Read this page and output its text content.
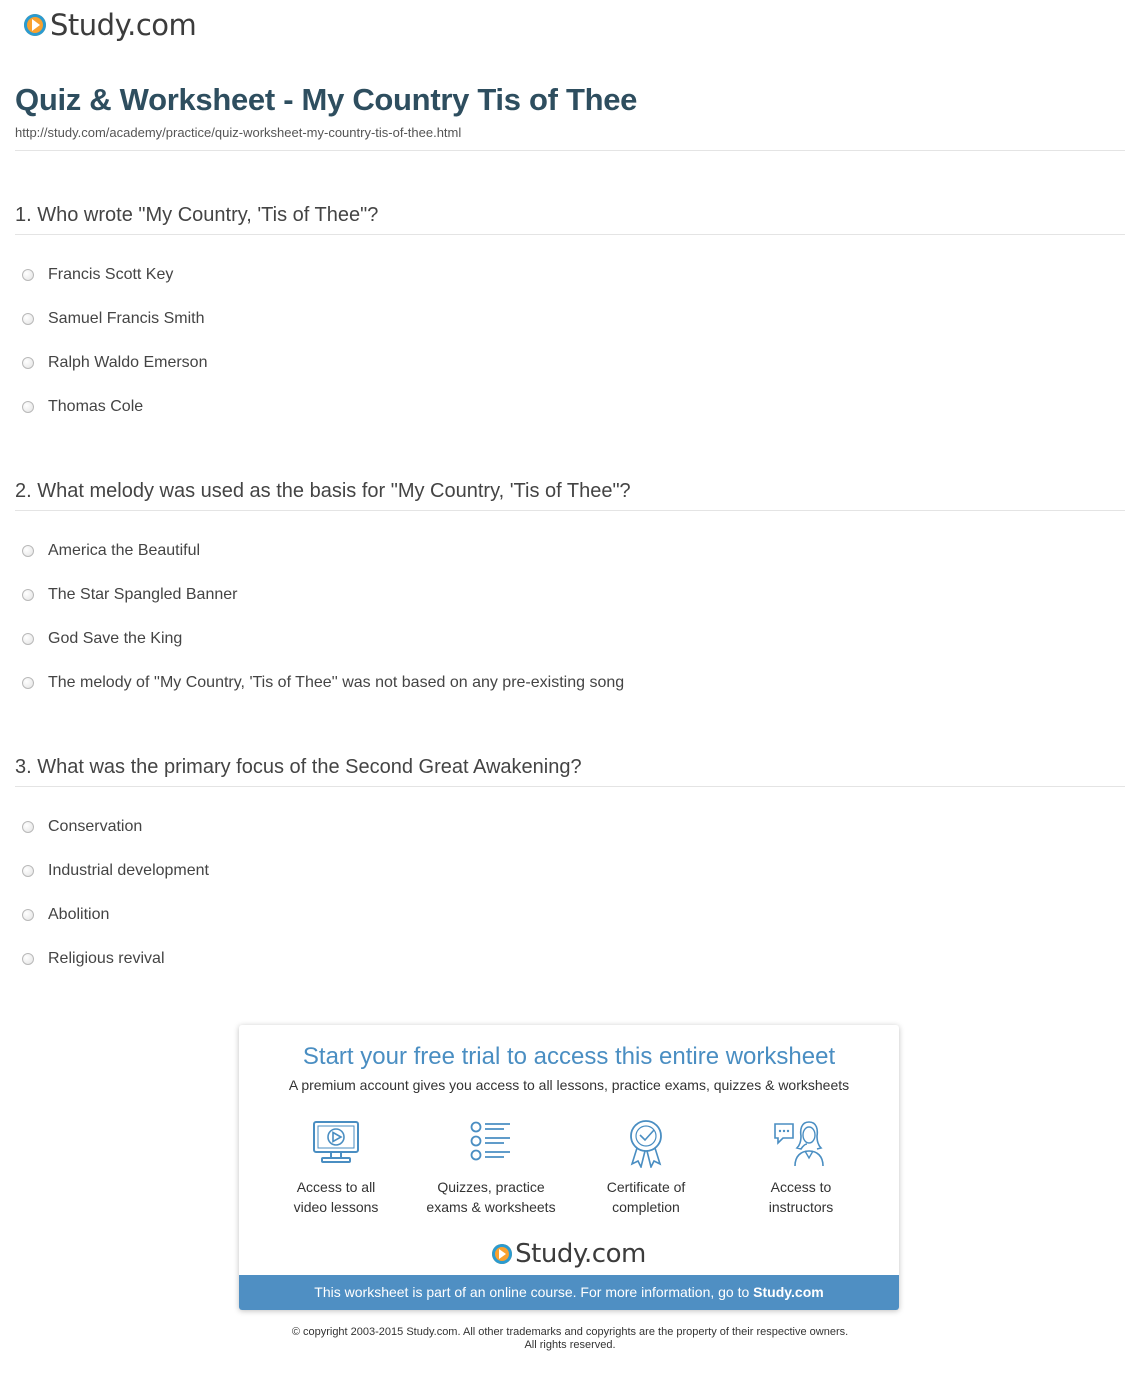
Study.com
Quiz & Worksheet - My Country Tis of Thee
http://study.com/academy/practice/quiz-worksheet-my-country-tis-of-thee.html
1. Who wrote "My Country, 'Tis of Thee"?
Francis Scott Key
Samuel Francis Smith
Ralph Waldo Emerson
Thomas Cole
2. What melody was used as the basis for "My Country, 'Tis of Thee"?
America the Beautiful
The Star Spangled Banner
God Save the King
The melody of ''My Country, 'Tis of Thee'' was not based on any pre-existing song
3. What was the primary focus of the Second Great Awakening?
Conservation
Industrial development
Abolition
Religious revival
Start your free trial to access this entire worksheet
A premium account gives you access to all lessons, practice exams, quizzes & worksheets
Access to all
video lessons
Quizzes, practice
exams & worksheets
Certificate of
completion
Access to
instructors
Study.com
This worksheet is part of an online course. For more information, go to Study.com
© copyright 2003-2015 Study.com. All other trademarks and copyrights are the property of their respective owners.
All rights reserved.
